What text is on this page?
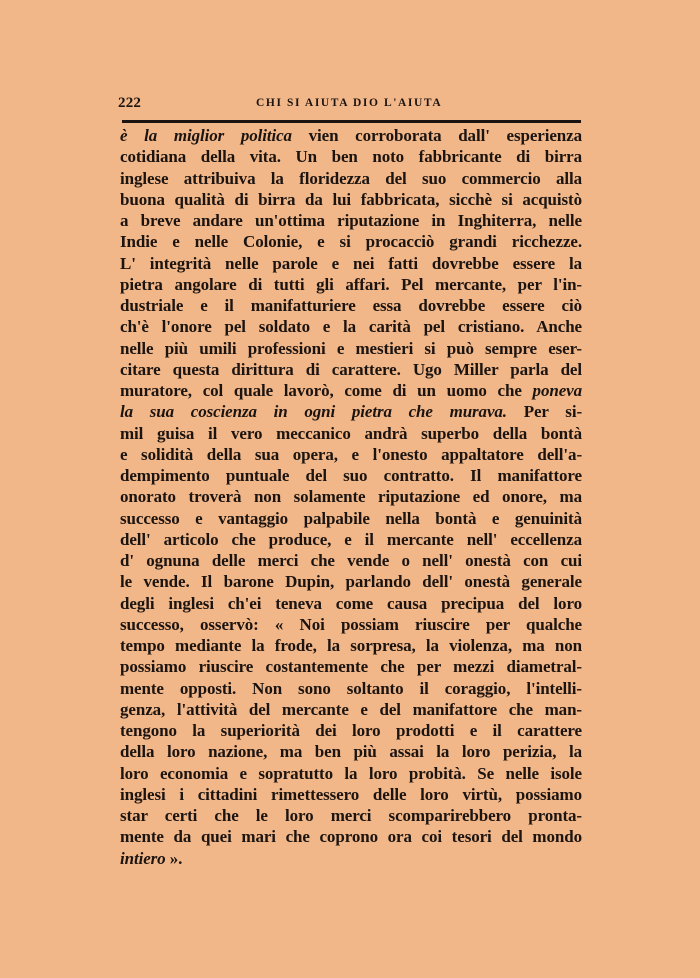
222	CHI SI AIUTA DIO L'AIUTA
è la miglior politica vien corroborata dall' esperienza
cotidiana della vita. Un ben noto fabbricante di birra
inglese attribuiva la floridezza del suo commercio alla
buona qualità di birra da lui fabbricata, sicchè si acquistò
a breve andare un'ottima riputazione in Inghiterra, nelle
Indie e nelle Colonie, e si procacciò grandi ricchezze.
L' integrità nelle parole e nei fatti dovrebbe essere la
pietra angolare di tutti gli affari. Pel mercante, per l'in-
dustriale e il manifatturiere essa dovrebbe essere ciò
ch'è l'onore pel soldato e la carità pel cristiano. Anche
nelle più umili professioni e mestieri si può sempre eser-
citare questa dirittura di carattere. Ugo Miller parla del
muratore, col quale lavorò, come di un uomo che poneva
la sua coscienza in ogni pietra che murava. Per si-
mil guisa il vero meccanico andrà superbo della bontà
e solidità della sua opera, e l'onesto appaltatore dell'a-
dempimento puntuale del suo contratto. Il manifattore
onorato troverà non solamente riputazione ed onore, ma
successo e vantaggio palpabile nella bontà e genuinità
dell' articolo che produce, e il mercante nell' eccellenza
d' ognuna delle merci che vende o nell' onestà con cui
le vende. Il barone Dupin, parlando dell' onestà generale
degli inglesi ch'ei teneva come causa precipua del loro
successo, osservò: « Noi possiam riuscire per qualche
tempo mediante la frode, la sorpresa, la violenza, ma non
possiamo riuscire costantemente che per mezzi diametral-
mente opposti. Non sono soltanto il coraggio, l'intelli-
genza, l'attività del mercante e del manifattore che man-
tengono la superiorità dei loro prodotti e il carattere
della loro nazione, ma ben più assai la loro perizia, la
loro economia e sopratutto la loro probità. Se nelle isole
inglesi i cittadini rimettessero delle loro virtù, possiamo
star certi che le loro merci scomparirebbero pronta-
mente da quei mari che coprono ora coi tesori del mondo
intiero ».
